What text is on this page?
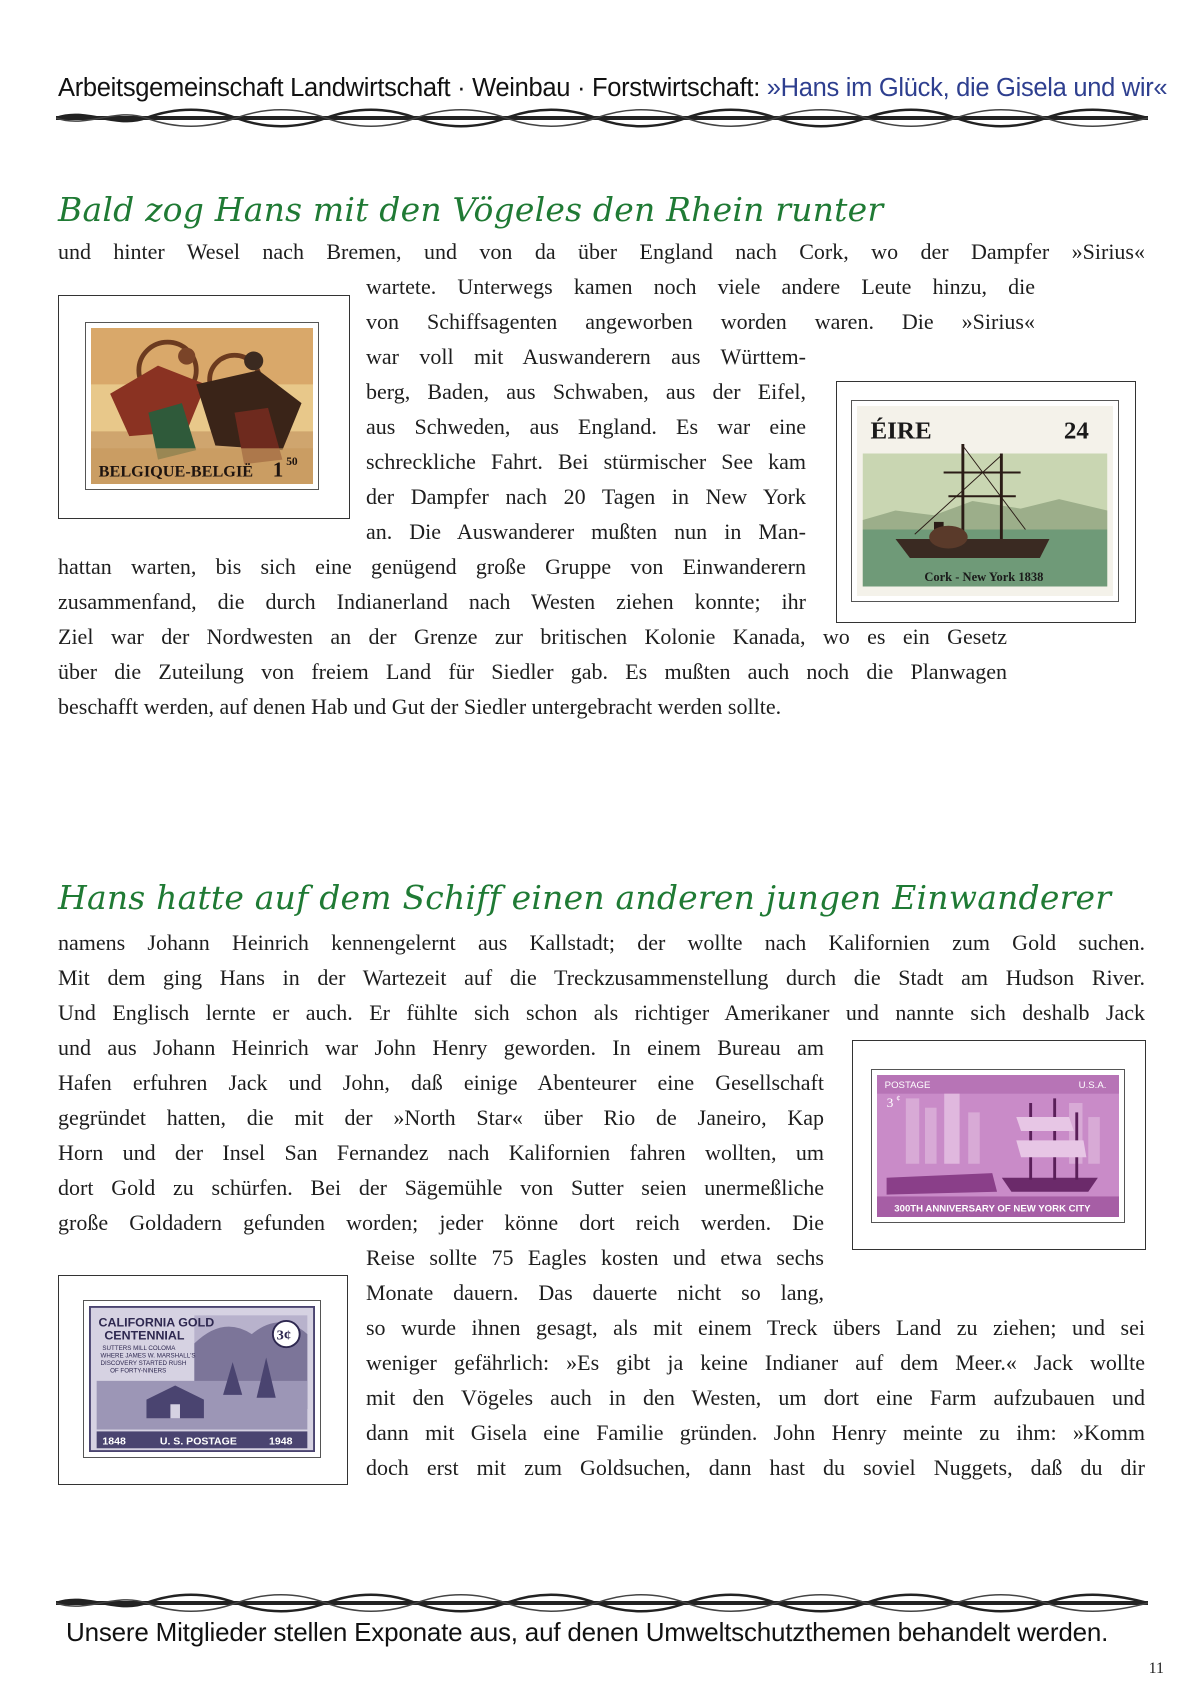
Arbeitsgemeinschaft Landwirtschaft · Weinbau · Forstwirtschaft: »Hans im Glück, die Gisela und wir«
Bald zog Hans mit den Vögeles den Rhein runter
und hinter Wesel nach Bremen, und von da über England nach Cork, wo der Dampfer »Sirius«
wartete. Unterwegs kamen noch viele andere Leute hinzu, die
von Schiffsagenten angeworben worden waren. Die »Sirius«
war voll mit Auswanderern aus Württem-
berg, Baden, aus Schwaben, aus der Eifel,
aus Schweden, aus England. Es war eine
schreckliche Fahrt. Bei stürmischer See kam
der Dampfer nach 20 Tagen in New York
an. Die Auswanderer mußten nun in Man-
hattan warten, bis sich eine genügend große Gruppe von Einwanderern
zusammenfand, die durch Indianerland nach Westen ziehen konnte; ihr
Ziel war der Nordwesten an der Grenze zur britischen Kolonie Kanada, wo es ein Gesetz
über die Zuteilung von freiem Land für Siedler gab. Es mußten auch noch die Planwagen
beschafft werden, auf denen Hab und Gut der Siedler untergebracht werden sollte.
BELGIQUE-BELGIË 1 50
ÉIRE	24
Cork - New York 1838
Hans hatte auf dem Schiff einen anderen jungen Einwanderer
namens Johann Heinrich kennengelernt aus Kallstadt; der wollte nach Kalifornien zum Gold suchen.
Mit dem ging Hans in der Wartezeit auf die Treckzusammenstellung durch die Stadt am Hudson River.
Und Englisch lernte er auch. Er fühlte sich schon als richtiger Amerikaner und nannte sich deshalb Jack
und aus Johann Heinrich war John Henry geworden. In einem Bureau am
Hafen erfuhren Jack und John, daß einige Abenteurer eine Gesellschaft
gegründet hatten, die mit der »North Star« über Rio de Janeiro, Kap
Horn und der Insel San Fernandez nach Kalifornien fahren wollten, um
dort Gold zu schürfen. Bei der Sägemühle von Sutter seien unermeßliche
große Goldadern gefunden worden; jeder könne dort reich werden. Die
Reise sollte 75 Eagles kosten und etwa sechs
Monate dauern. Das dauerte nicht so lang,
so wurde ihnen gesagt, als mit einem Treck übers Land zu ziehen; und sei
weniger gefährlich: »Es gibt ja keine Indianer auf dem Meer.« Jack wollte
mit den Vögeles auch in den Westen, um dort eine Farm aufzubauen und
dann mit Gisela eine Familie gründen. John Henry meinte zu ihm: »Komm
doch erst mit zum Goldsuchen, dann hast du soviel Nuggets, daß du dir
POSTAGE	U.S.A.
3 ¢
300TH ANNIVERSARY OF NEW YORK CITY
CALIFORNIA GOLD
CENTENNIAL
SUTTERS MILL COLOMA
WHERE JAMES W. MARSHALL'S
DISCOVERY STARTED RUSH
OF FORTY-NINERS
3¢
1848	U. S. POSTAGE	1948
Unsere Mitglieder stellen Exponate aus, auf denen Umweltschutzthemen behandelt werden.
11
